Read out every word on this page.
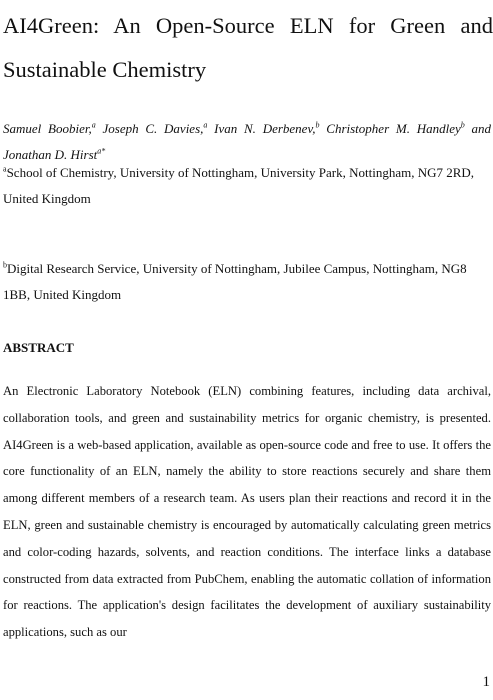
AI4Green: An Open-Source ELN for Green and Sustainable Chemistry

Samuel Boobier,$^a$ Joseph C. Davies,$^a$ Ivan N. Derbenev,$^b$ Christopher M. Handley$^b$ and Jonathan D. Hirst$^{a*}$

$^a$School of Chemistry, University of Nottingham, University Park, Nottingham, NG7 2RD, United Kingdom

$^b$Digital Research Service, University of Nottingham, Jubilee Campus, Nottingham, NG8 1BB, United Kingdom

ABSTRACT

An Electronic Laboratory Notebook (ELN) combining features, including data archival, collaboration tools, and green and sustainability metrics for organic chemistry, is presented. AI4Green is a web-based application, available as open-source code and free to use. It offers the core functionality of an ELN, namely the ability to store reactions securely and share them among different members of a research team. As users plan their reactions and record it in the ELN, green and sustainable chemistry is encouraged by automatically calculating green metrics and color-coding hazards, solvents, and reaction conditions. The interface links a database constructed from data extracted from PubChem, enabling the automatic collation of information for reactions. The application's design facilitates the development of auxiliary sustainability applications, such as our

1
